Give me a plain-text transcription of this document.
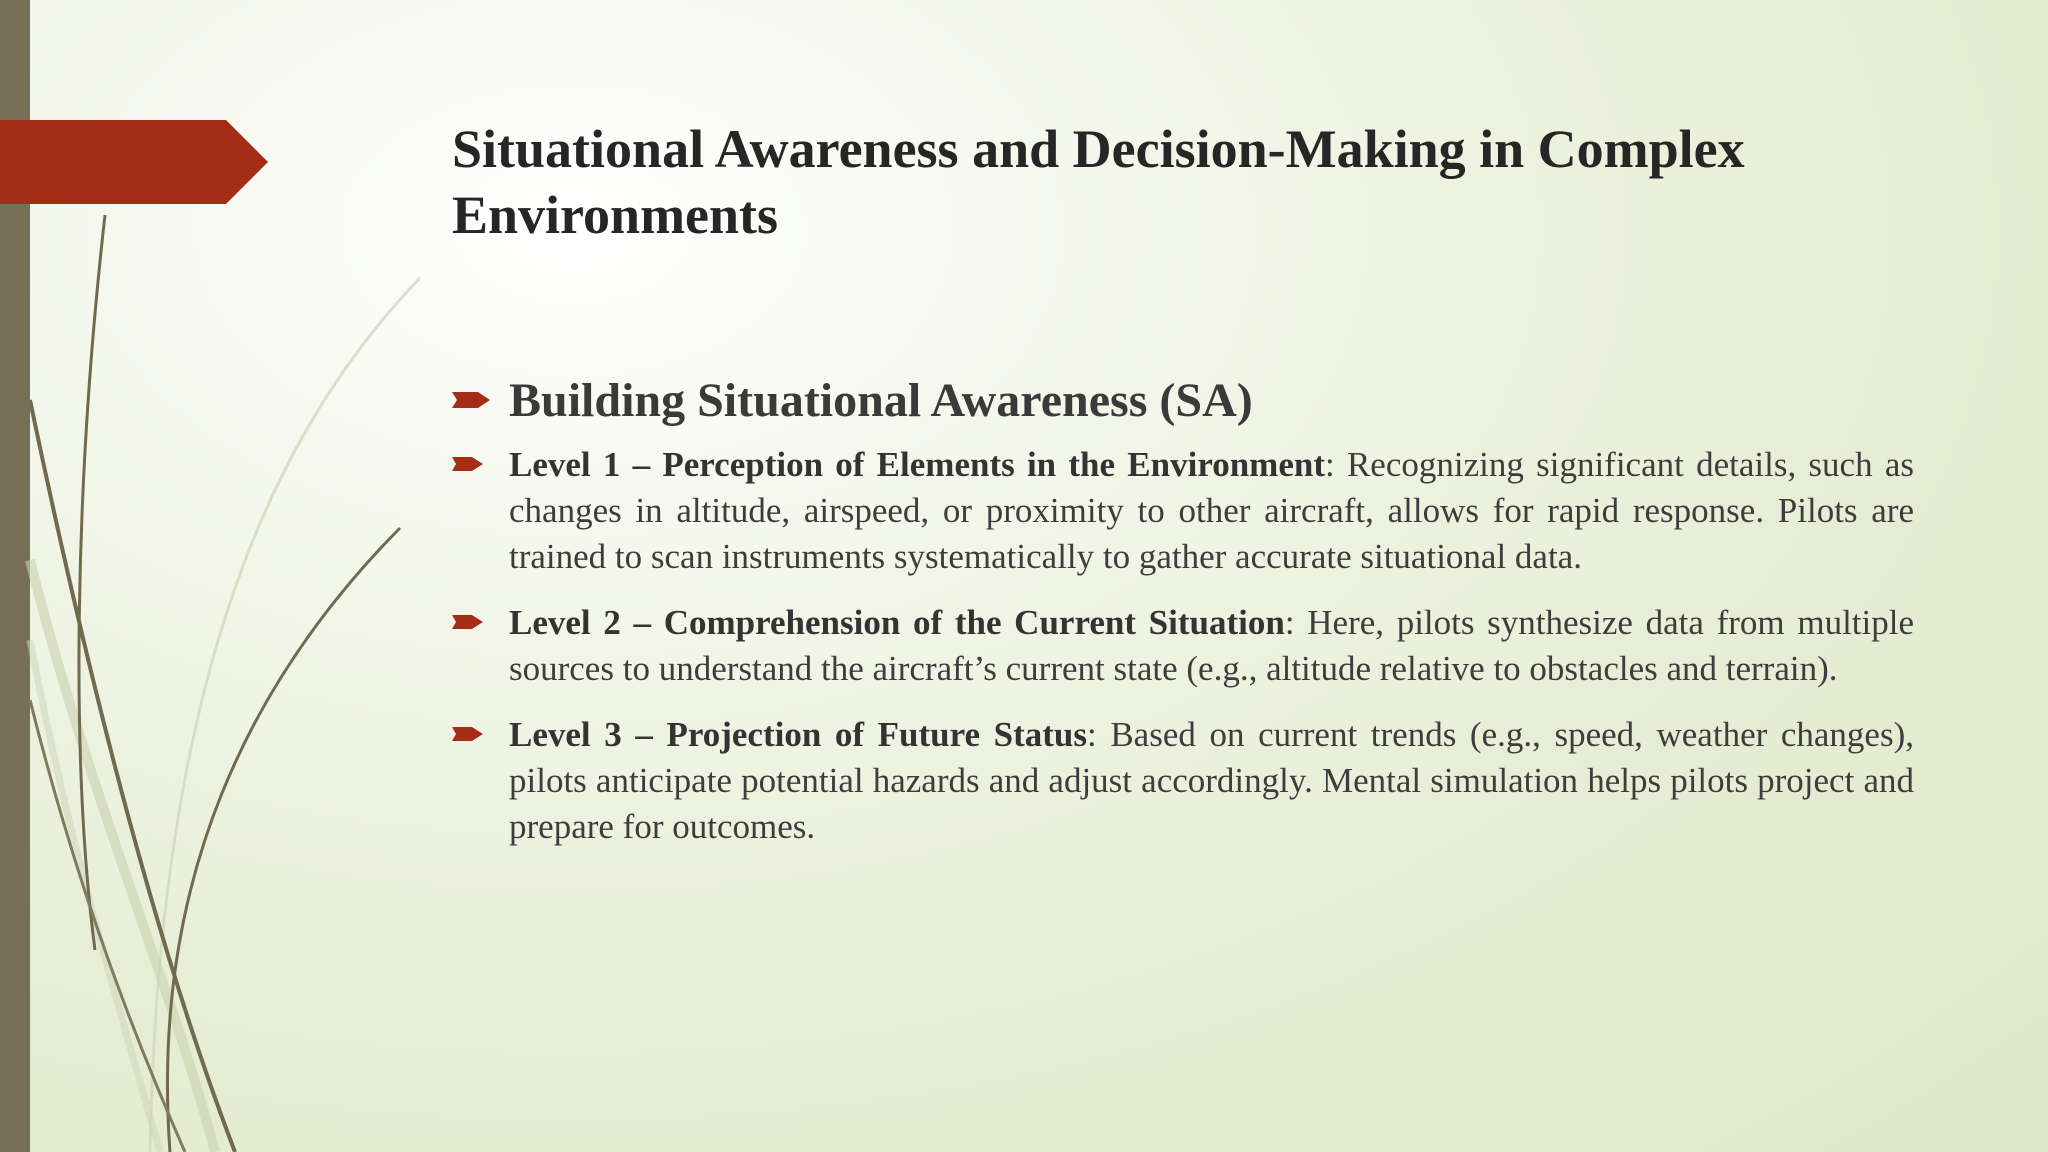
Situational Awareness and Decision-Making in Complex Environments
Building Situational Awareness (SA)
Level 1 – Perception of Elements in the Environment: Recognizing significant details, such as changes in altitude, airspeed, or proximity to other aircraft, allows for rapid response. Pilots are trained to scan instruments systematically to gather accurate situational data.
Level 2 – Comprehension of the Current Situation: Here, pilots synthesize data from multiple sources to understand the aircraft’s current state (e.g., altitude relative to obstacles and terrain).
Level 3 – Projection of Future Status: Based on current trends (e.g., speed, weather changes), pilots anticipate potential hazards and adjust accordingly. Mental simulation helps pilots project and prepare for outcomes.
